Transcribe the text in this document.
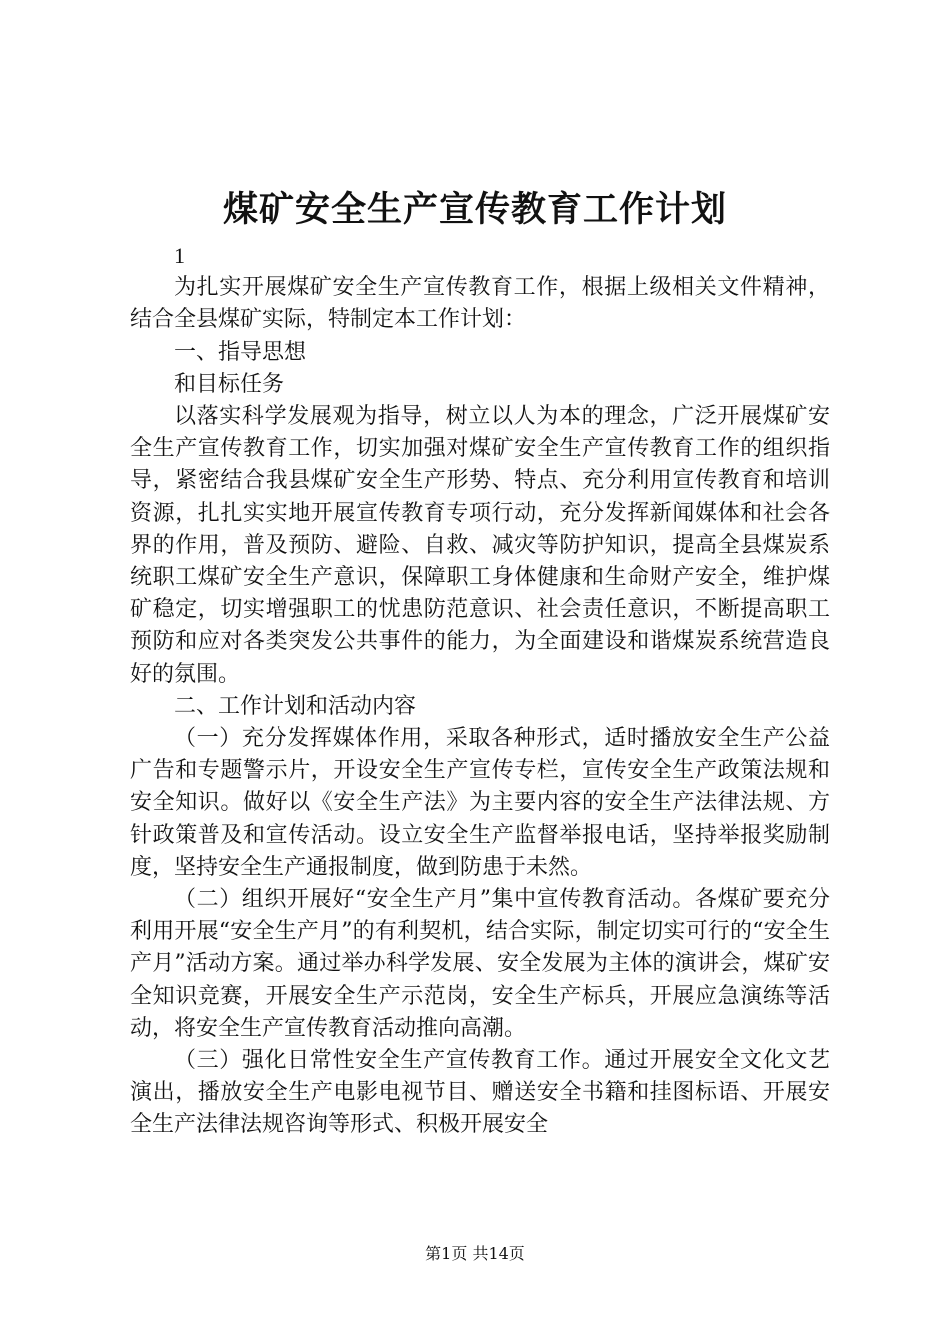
煤矿安全生产宣传教育工作计划

1

为扎实开展煤矿安全生产宣传教育工作，根据上级相关文件精神，结合全县煤矿实际，特制定本工作计划：

一、指导思想

和目标任务

以落实科学发展观为指导，树立以人为本的理念，广泛开展煤矿安全生产宣传教育工作，切实加强对煤矿安全生产宣传教育工作的组织指导，紧密结合我县煤矿安全生产形势、特点、充分利用宣传教育和培训资源，扎扎实实地开展宣传教育专项行动，充分发挥新闻媒体和社会各界的作用，普及预防、避险、自救、减灾等防护知识，提高全县煤炭系统职工煤矿安全生产意识，保障职工身体健康和生命财产安全，维护煤矿稳定，切实增强职工的忧患防范意识、社会责任意识，不断提高职工预防和应对各类突发公共事件的能力，为全面建设和谐煤炭系统营造良好的氛围。

二、工作计划和活动内容

（一）充分发挥媒体作用，采取各种形式，适时播放安全生产公益广告和专题警示片，开设安全生产宣传专栏，宣传安全生产政策法规和安全知识。做好以《安全生产法》为主要内容的安全生产法律法规、方针政策普及和宣传活动。设立安全生产监督举报电话，坚持举报奖励制度，坚持安全生产通报制度，做到防患于未然。

（二）组织开展好“安全生产月”集中宣传教育活动。各煤矿要充分利用开展“安全生产月”的有利契机，结合实际，制定切实可行的“安全生产月”活动方案。通过举办科学发展、安全发展为主体的演讲会，煤矿安全知识竞赛，开展安全生产示范岗，安全生产标兵，开展应急演练等活动，将安全生产宣传教育活动推向高潮。

（三）强化日常性安全生产宣传教育工作。通过开展安全文化文艺演出，播放安全生产电影电视节目、赠送安全书籍和挂图标语、开展安全生产法律法规咨询等形式、积极开展安全

第1页 共14页
